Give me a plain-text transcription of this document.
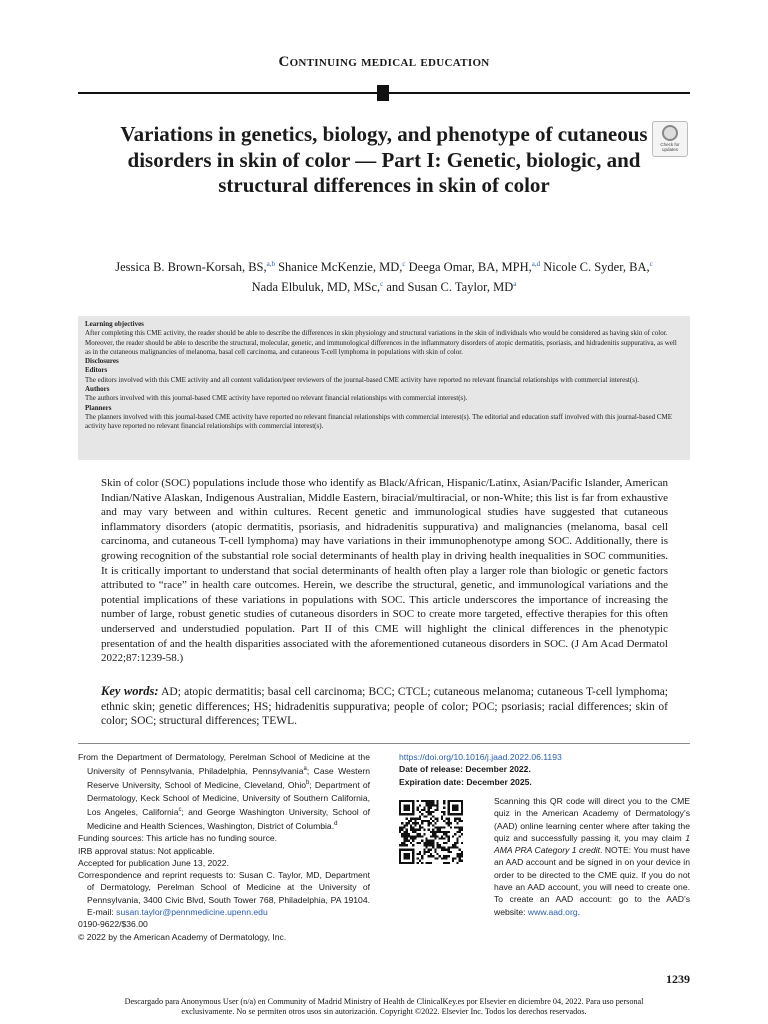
Continuing medical education
Variations in genetics, biology, and phenotype of cutaneous disorders in skin of color — Part I: Genetic, biologic, and structural differences in skin of color
Check for updates
Jessica B. Brown-Korsah, BS,$^{a,b}$ Shanice McKenzie, MD,$^c$ Deega Omar, BA, MPH,$^{a,d}$ Nicole C. Syder, BA,$^c$
Nada Elbuluk, MD, MSc,$^c$ and Susan C. Taylor, $MD^a$
Learning objectives
After completing this CME activity, the reader should be able to describe the differences in skin physiology and structural variations in the skin of individuals who would be considered as having skin of color. Moreover, the reader should be able to describe the structural, molecular, genetic, and immunological differences in the inflammatory disorders of atopic dermatitis, psoriasis, and hidradenitis suppurativa, as well as in the cutaneous malignancies of melanoma, basal cell carcinoma, and cutaneous T-cell lymphoma in populations with skin of color.
Disclosures
Editors
The editors involved with this CME activity and all content validation/peer reviewers of the journal-based CME activity have reported no relevant financial relationships with commercial interest(s).
Authors
The authors involved with this journal-based CME activity have reported no relevant financial relationships with commercial interest(s).
Planners
The planners involved with this journal-based CME activity have reported no relevant financial relationships with commercial interest(s). The editorial and education staff involved with this journal-based CME activity have reported no relevant financial relationships with commercial interest(s).
Skin of color (SOC) populations include those who identify as Black/African, Hispanic/Latinx, Asian/Pacific Islander, American Indian/Native Alaskan, Indigenous Australian, Middle Eastern, biracial/multiracial, or non-White; this list is far from exhaustive and may vary between and within cultures. Recent genetic and immunological studies have suggested that cutaneous inflammatory disorders (atopic dermatitis, psoriasis, and hidradenitis suppurativa) and malignancies (melanoma, basal cell carcinoma, and cutaneous T-cell lymphoma) may have variations in their immunophenotype among SOC. Additionally, there is growing recognition of the substantial role social determinants of health play in driving health inequalities in SOC communities. It is critically important to understand that social determinants of health often play a larger role than biologic or genetic factors attributed to “race” in health care outcomes. Herein, we describe the structural, genetic, and immunological variations and the potential implications of these variations in populations with SOC. This article underscores the importance of increasing the number of large, robust genetic studies of cutaneous disorders in SOC to create more targeted, effective therapies for this often underserved and understudied population. Part II of this CME will highlight the clinical differences in the phenotypic presentation of and the health disparities associated with the aforementioned cutaneous disorders in SOC. (J Am Acad Dermatol 2022;87:1239-58.)
Key words: AD; atopic dermatitis; basal cell carcinoma; BCC; CTCL; cutaneous melanoma; cutaneous T-cell lymphoma; ethnic skin; genetic differences; HS; hidradenitis suppurativa; people of color; POC; psoriasis; racial differences; skin of color; SOC; structural differences; TEWL.

From the Department of Dermatology, Perelman School of Medicine at the University of Pennsylvania, Philadelphia, Pennsylvania$^a$; Case Western Reserve University, School of Medicine, Cleveland, Ohio$^b$; Department of Dermatology, Keck School of Medicine, University of Southern California, Los Angeles, California$^c$; and George Washington University, School of Medicine and Health Sciences, Washington, District of Columbia.$^d$

Funding sources: This article has no funding source.

IRB approval status: Not applicable.

Accepted for publication June 13, 2022.

Correspondence and reprint requests to: Susan C. Taylor, MD, Department of Dermatology, Perelman School of Medicine at the University of Pennsylvania, 3400 Civic Blvd, South Tower 768, Philadelphia, PA 19104. E-mail: susan.taylor@pennmedicine.upenn.edu

0190-9622/$36.00

© 2022 by the American Academy of Dermatology, Inc.

https://doi.org/10.1016/j.jaad.2022.06.1193

Date of release: December 2022.

Expiration date: December 2025.

Scanning this QR code will direct you to the CME quiz in the American Academy of Dermatology’s (AAD) online learning center where after taking the quiz and successfully passing it, you may claim 1 AMA PRA Category 1 credit. NOTE: You must have an AAD account and be signed in on your device in order to be directed to the CME quiz. If you do not have an AAD account, you will need to create one. To create an AAD account: go to the AAD’s website: www.aad.org.
1239
Descargado para Anonymous User (n/a) en Community of Madrid Ministry of Health de ClinicalKey.es por Elsevier en diciembre 04, 2022. Para uso personal exclusivamente. No se permiten otros usos sin autorización. Copyright ©2022. Elsevier Inc. Todos los derechos reservados.
